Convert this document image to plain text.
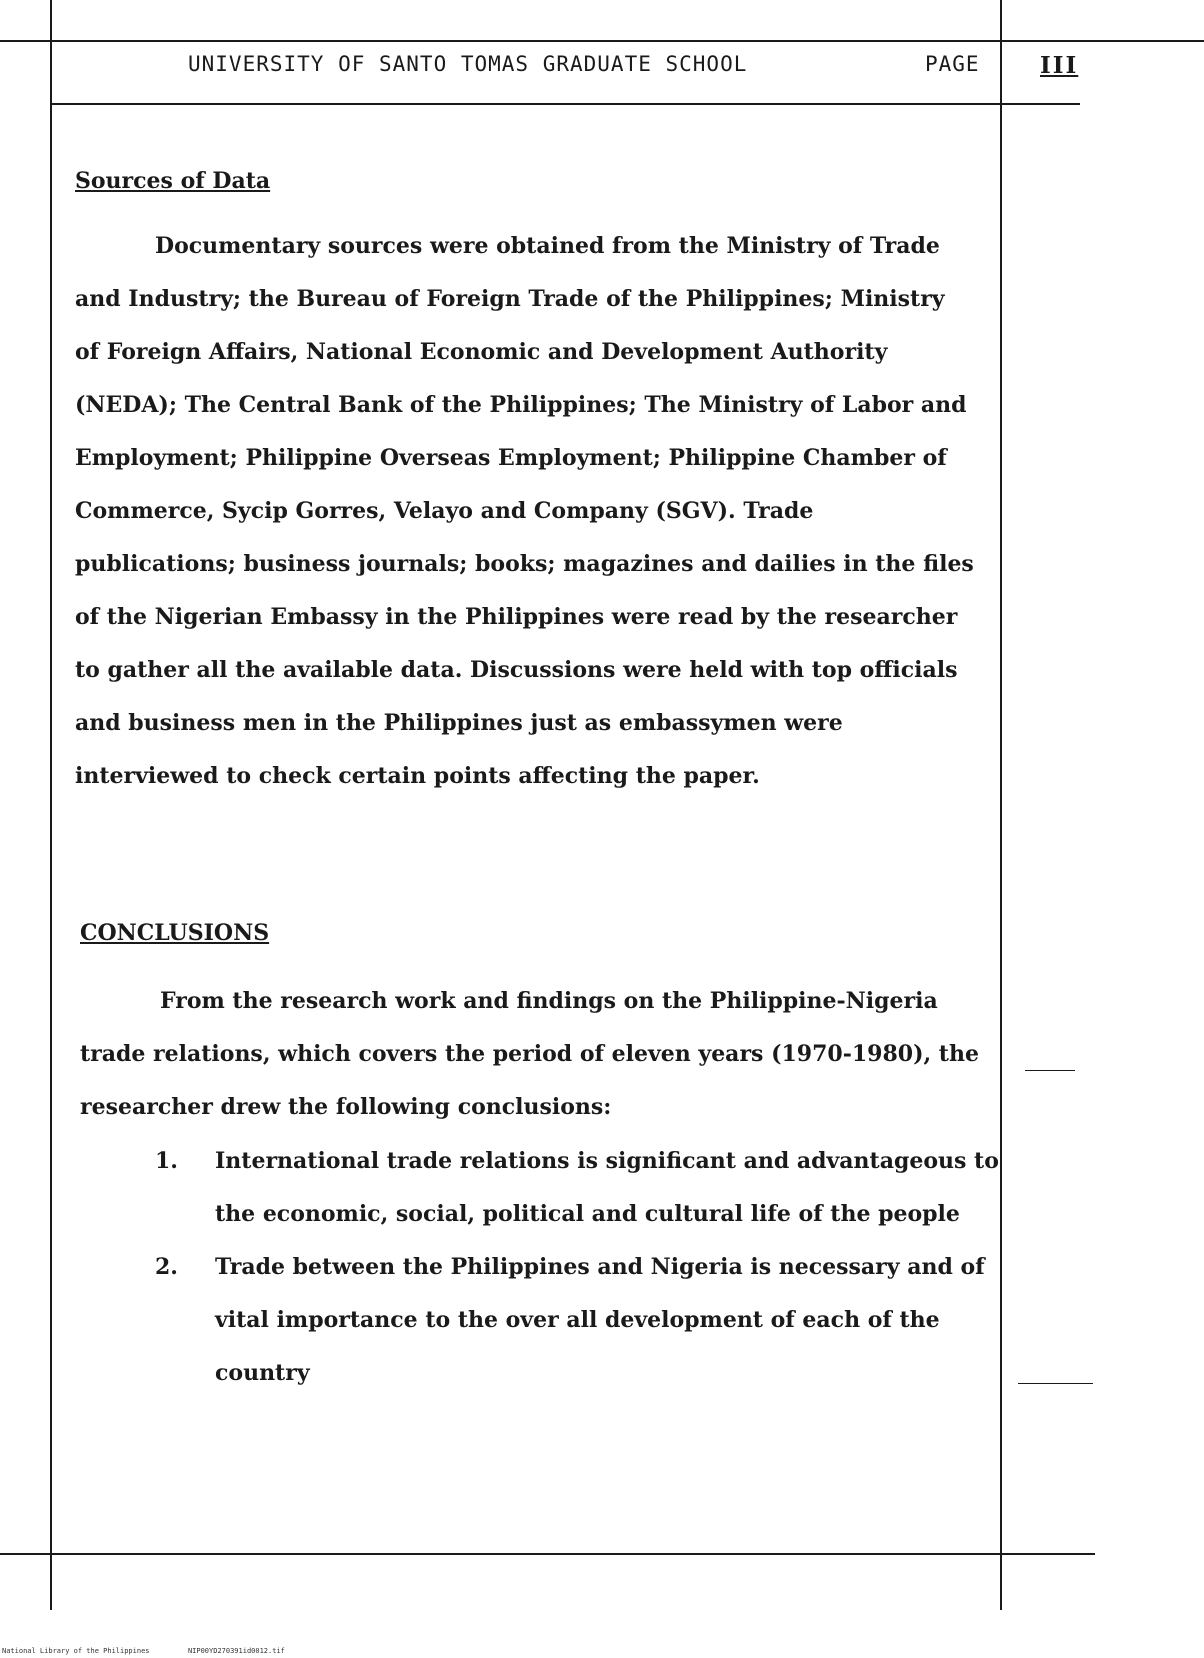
UNIVERSITY OF SANTO TOMAS GRADUATE SCHOOL	PAGE	III
Sources of Data

Documentary sources were obtained from the Ministry of Trade and Industry; the Bureau of Foreign Trade of the Philippines; Ministry of Foreign Affairs, National Economic and Development Authority (NEDA); The Central Bank of the Philippines; The Ministry of Labor and Employment; Philippine Overseas Employment; Philippine Chamber of Commerce, Sycip Gorres, Velayo and Company (SGV). Trade publications; business journals; books; magazines and dailies in the files of the Nigerian Embassy in the Philippines were read by the researcher to gather all the available data. Discussions were held with top officials and business men in the Philippines just as embassymen were interviewed to check certain points affecting the paper.

CONCLUSIONS

From the research work and findings on the Philippine-Nigeria trade relations, which covers the period of eleven years (1970-1980), the researcher drew the following conclusions:

1. International trade relations is significant and advantageous to the economic, social, political and cultural life of the people
2. Trade between the Philippines and Nigeria is necessary and of vital importance to the over all development of each of the country
National Library of the Philippines	NIP00YD270391id0012.tif
